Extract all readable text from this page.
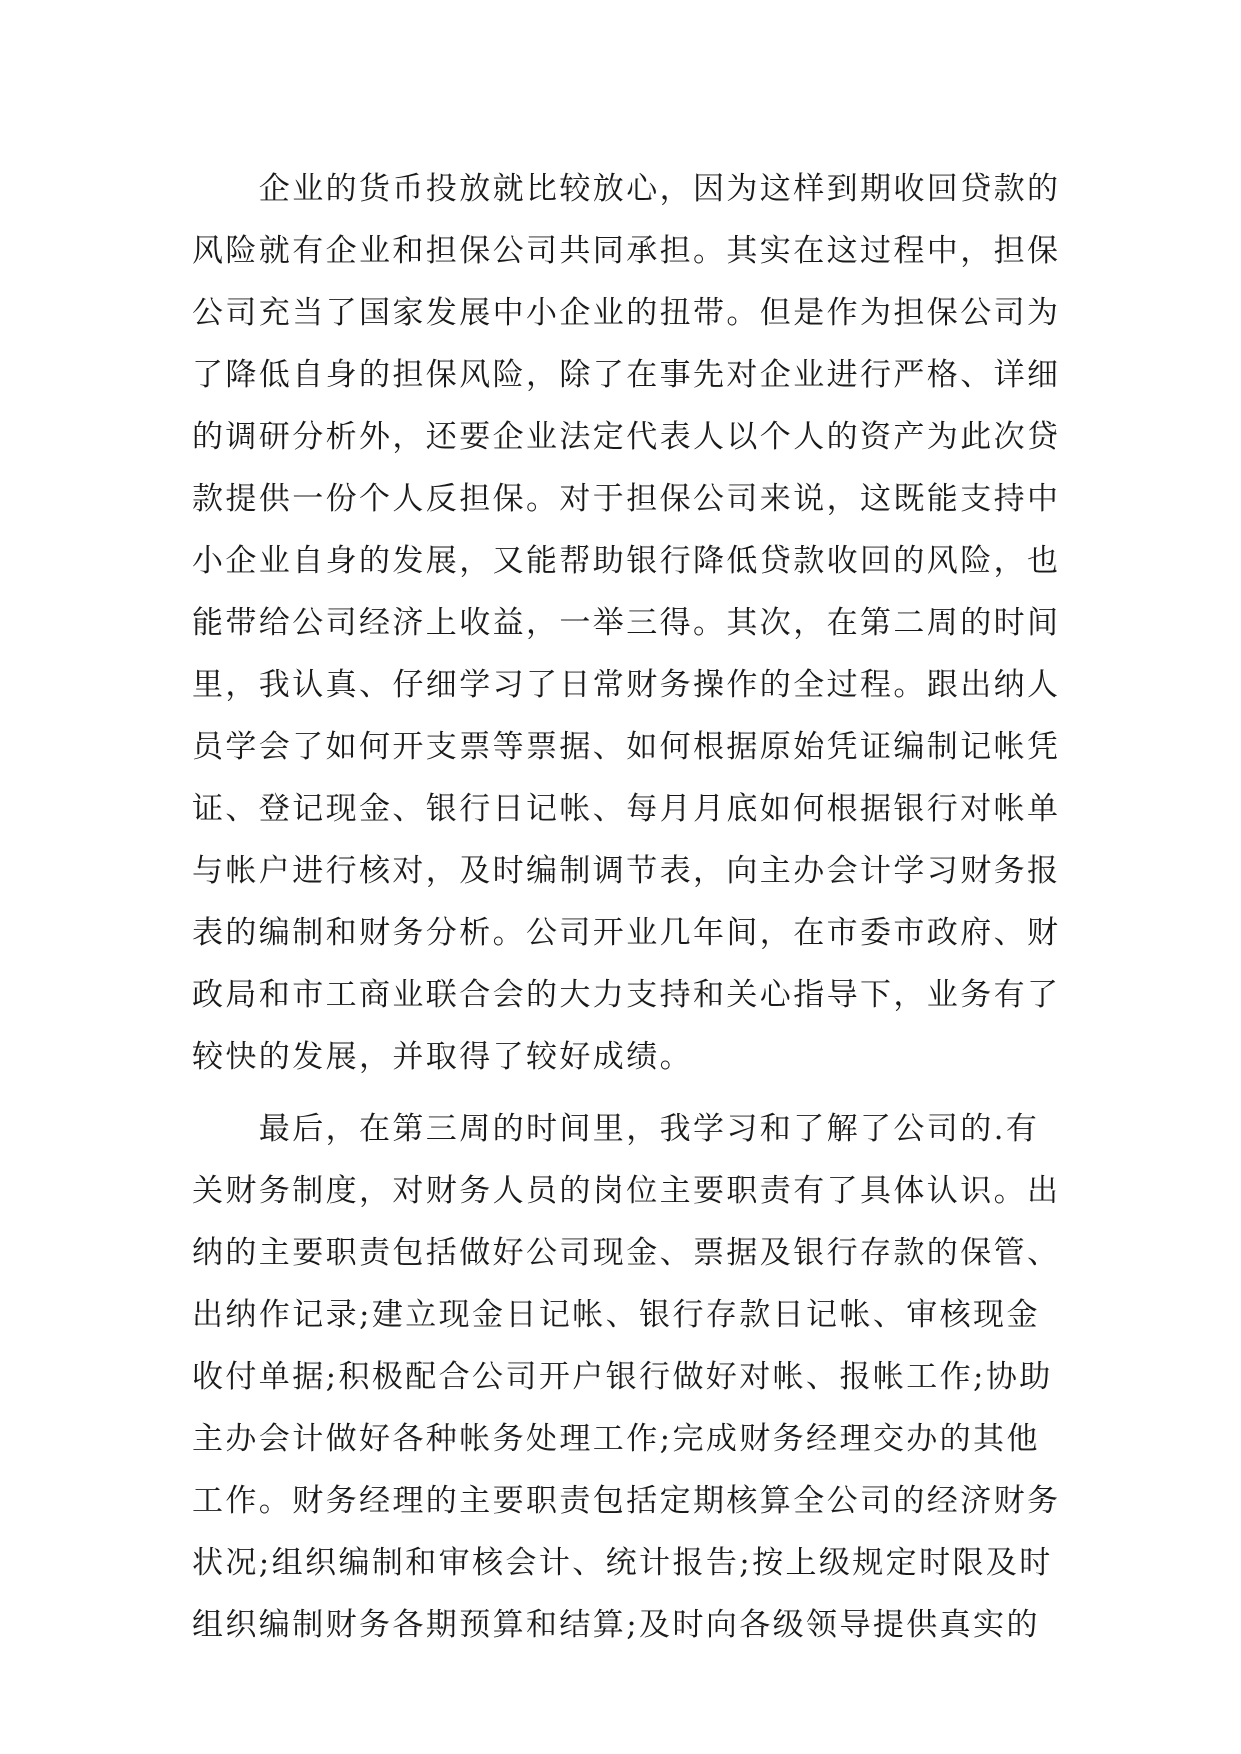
　　企业的货币投放就比较放心，因为这样到期收回贷款的
风险就有企业和担保公司共同承担。其实在这过程中，担保
公司充当了国家发展中小企业的扭带。但是作为担保公司为
了降低自身的担保风险，除了在事先对企业进行严格、详细
的调研分析外，还要企业法定代表人以个人的资产为此次贷
款提供一份个人反担保。对于担保公司来说，这既能支持中
小企业自身的发展，又能帮助银行降低贷款收回的风险，也
能带给公司经济上收益，一举三得。其次，在第二周的时间
里，我认真、仔细学习了日常财务操作的全过程。跟出纳人
员学会了如何开支票等票据、如何根据原始凭证编制记帐凭
证、登记现金、银行日记帐、每月月底如何根据银行对帐单
与帐户进行核对，及时编制调节表，向主办会计学习财务报
表的编制和财务分析。公司开业几年间，在市委市政府、财
政局和市工商业联合会的大力支持和关心指导下，业务有了
较快的发展，并取得了较好成绩。
　　最后，在第三周的时间里，我学习和了解了公司的.有
关财务制度，对财务人员的岗位主要职责有了具体认识。出
纳的主要职责包括做好公司现金、票据及银行存款的保管、
出纳作记录;建立现金日记帐、银行存款日记帐、审核现金
收付单据;积极配合公司开户银行做好对帐、报帐工作;协助
主办会计做好各种帐务处理工作;完成财务经理交办的其他
工作。财务经理的主要职责包括定期核算全公司的经济财务
状况;组织编制和审核会计、统计报告;按上级规定时限及时
组织编制财务各期预算和结算;及时向各级领导提供真实的
